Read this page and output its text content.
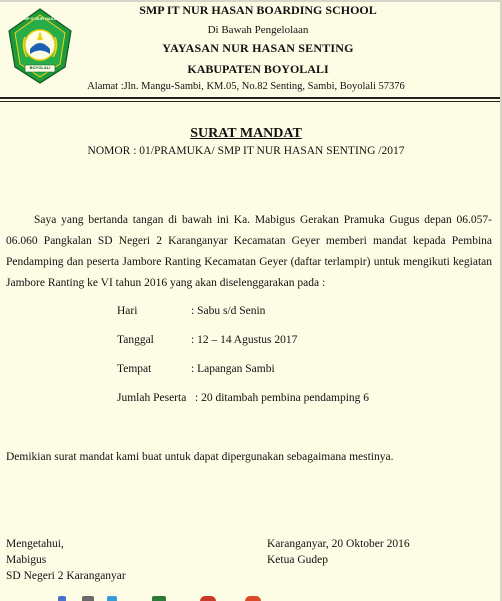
SMP IT NUR HASAN
BOYOLALI
SMP IT NUR HASAN BOARDING SCHOOL
Di Bawah Pengelolaan
YAYASAN NUR HASAN SENTING
KABUPATEN BOYOLALI
Alamat :Jln. Mangu-Sambi, KM.05, No.82 Senting, Sambi, Boyolali 57376
SURAT MANDAT
NOMOR : 01/PRAMUKA/ SMP IT NUR HASAN SENTING /2017
Saya yang bertanda tangan di bawah ini Ka. Mabigus Gerakan Pramuka Gugus depan 06.057-06.060 Pangkalan SD Negeri 2 Karanganyar Kecamatan Geyer memberi mandat kepada Pembina Pendamping dan peserta Jambore Ranting Kecamatan Geyer (daftar terlampir) untuk mengikuti kegiatan Jambore Ranting ke VI tahun 2016 yang akan diselenggarakan pada :
Hari	: Sabu s/d Senin
Tanggal	: 12 – 14 Agustus 2017
Tempat	: Lapangan Sambi
Jumlah Peserta : 20 ditambah pembina pendamping 6
Demikian surat mandat kami buat untuk dapat dipergunakan sebagaimana mestinya.
Mengetahui,
Mabigus
SD Negeri 2 Karanganyar
Karanganyar, 20 Oktober 2016
Ketua Gudep
